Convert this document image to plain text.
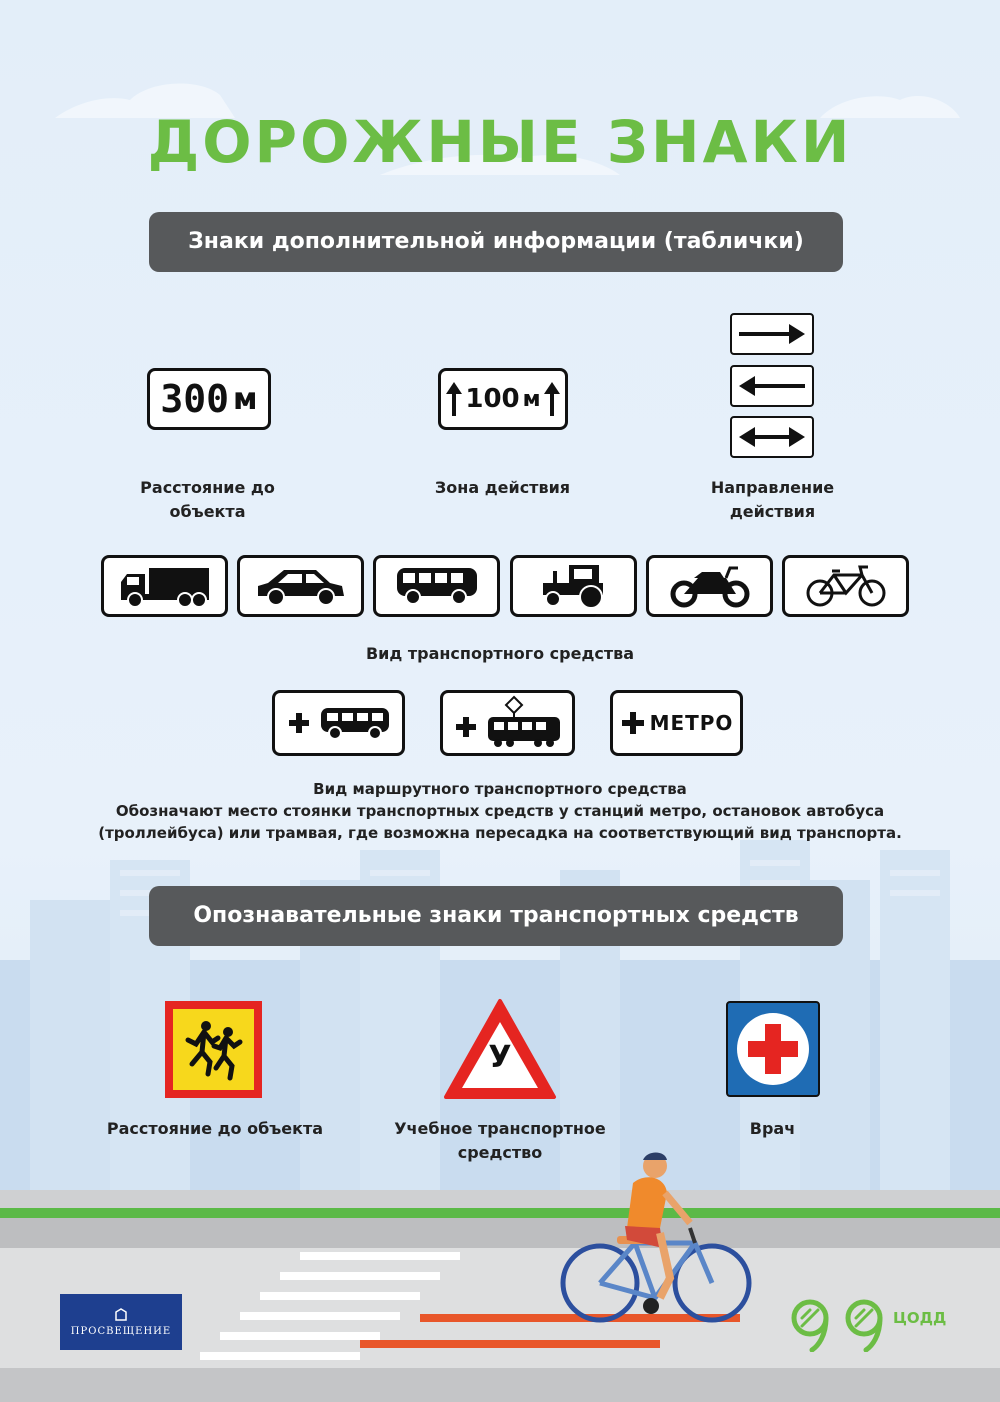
ДОРОЖНЫЕ ЗНАКИ
Знаки дополнительной информации (таблички)
300 м	100 м
Расстояние до объекта
Зона действия	Направление
действия
Вид транспортного средства
МЕТРО
Вид маршрутного транспортного средства
Обозначают место стоянки транспортных средств у станций метро, остановок автобуса
(троллейбуса) или трамвая, где возможна пересадка на соответствующий вид транспорта.
Опознавательные знаки транспортных средств
У
Расстояние до объекта	Учебное транспортное
средство
Врач
ПРОСВЕЩЕНИЕ
ЦОДД
